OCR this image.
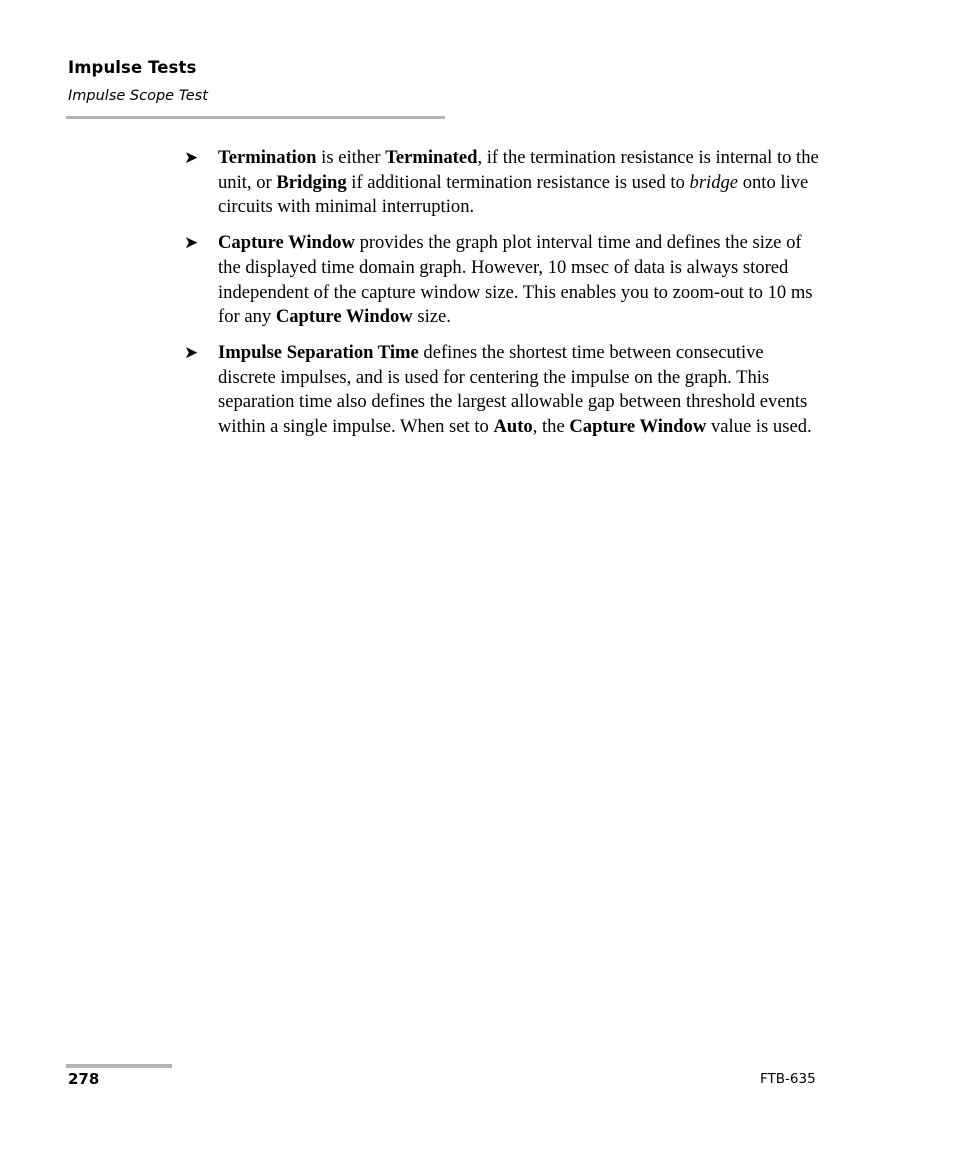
Impulse Tests
Impulse Scope Test
➤ Termination is either Terminated, if the termination resistance is internal to the unit, or Bridging if additional termination resistance is used to bridge onto live circuits with minimal interruption.
➤ Capture Window provides the graph plot interval time and defines the size of the displayed time domain graph. However, 10 msec of data is always stored independent of the capture window size. This enables you to zoom-out to 10 ms for any Capture Window size.
➤ Impulse Separation Time defines the shortest time between consecutive discrete impulses, and is used for centering the impulse on the graph. This separation time also defines the largest allowable gap between threshold events within a single impulse. When set to Auto, the Capture Window value is used.
278	FTB-635
